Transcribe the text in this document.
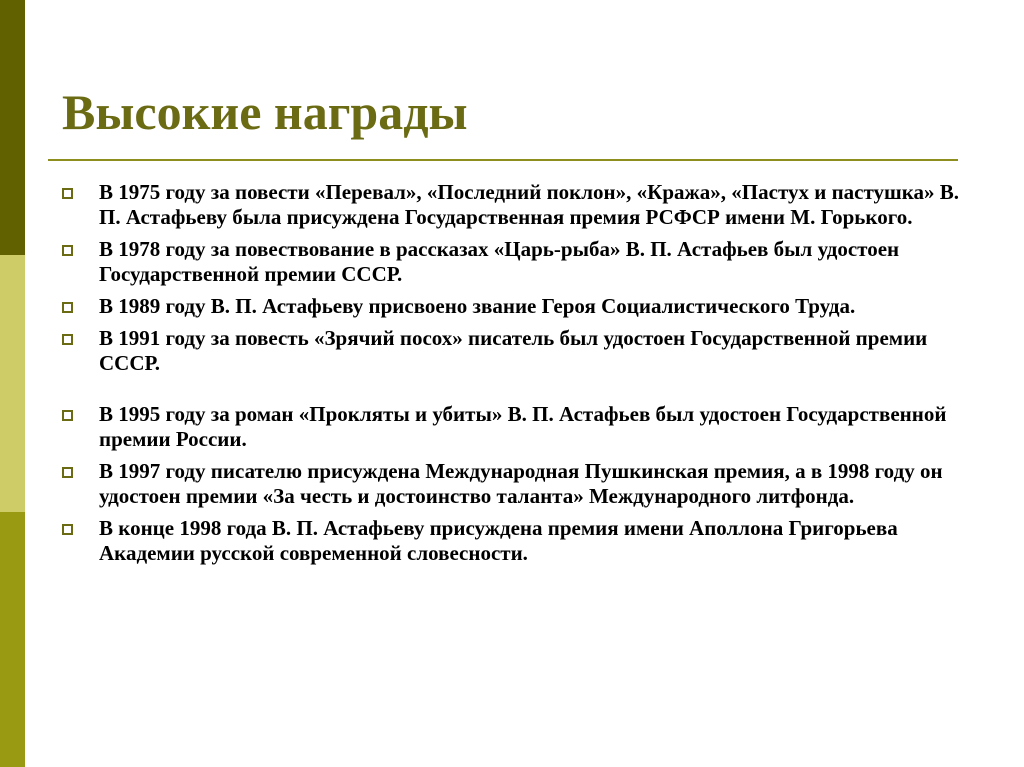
Высокие награды
В 1975 году за повести «Перевал», «Последний поклон», «Кража», «Пастух и пастушка» В. П. Астафьеву была присуждена Государственная премия РСФСР имени М. Горького.
В 1978 году за повествование в рассказах «Царь-рыба» В. П. Астафьев был удостоен Государственной премии СССР.
В 1989 году В. П. Астафьеву присвоено звание Героя Социалистического Труда.
В 1991 году за повесть «Зрячий посох» писатель был удостоен Государственной премии СССР.
В 1995 году за роман «Прокляты и убиты» В. П. Астафьев был удостоен Государственной премии России.
В 1997 году писателю присуждена Международная Пушкинская премия, а в 1998 году он удостоен премии «За честь и достоинство таланта» Международного литфонда.
В конце 1998 года В. П. Астафьеву присуждена премия имени Аполлона Григорьева Академии русской современной словесности.
